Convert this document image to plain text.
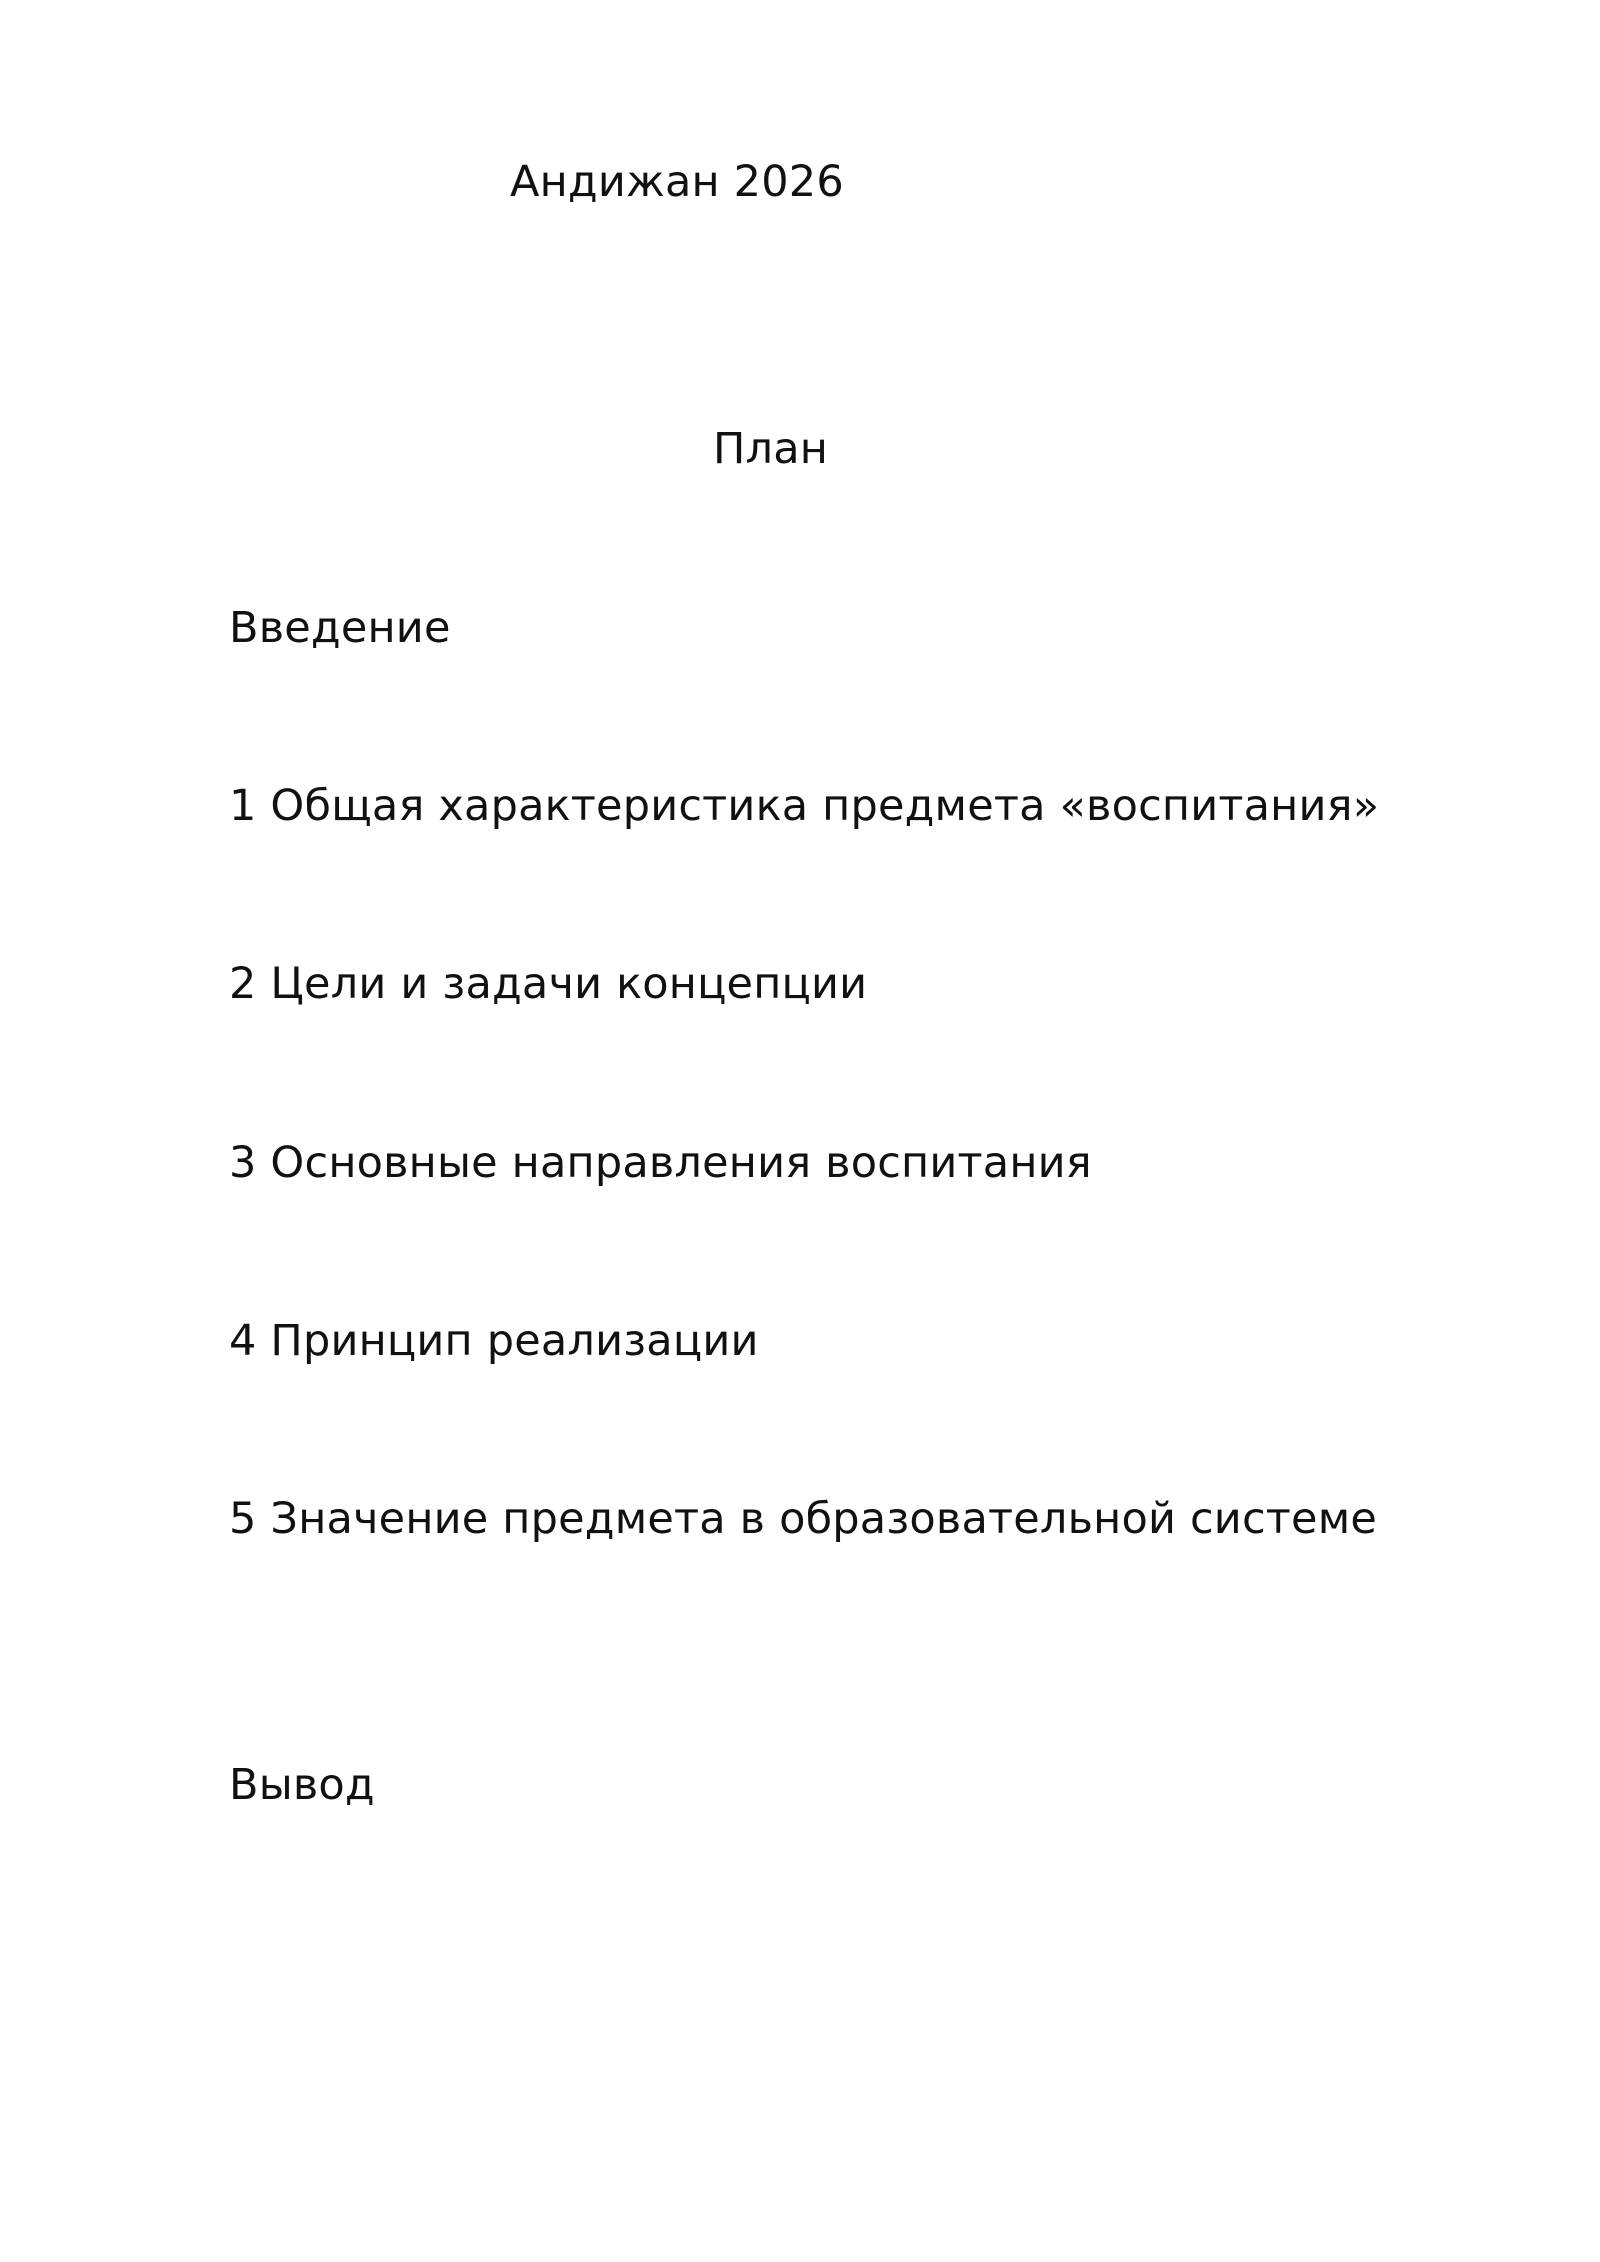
Андижан 2026
План
Введение
1 Общая характеристика предмета «воспитания»
2 Цели и задачи концепции
3 Основные направления воспитания
4 Принцип реализации
5 Значение предмета в образовательной системе
Вывод
